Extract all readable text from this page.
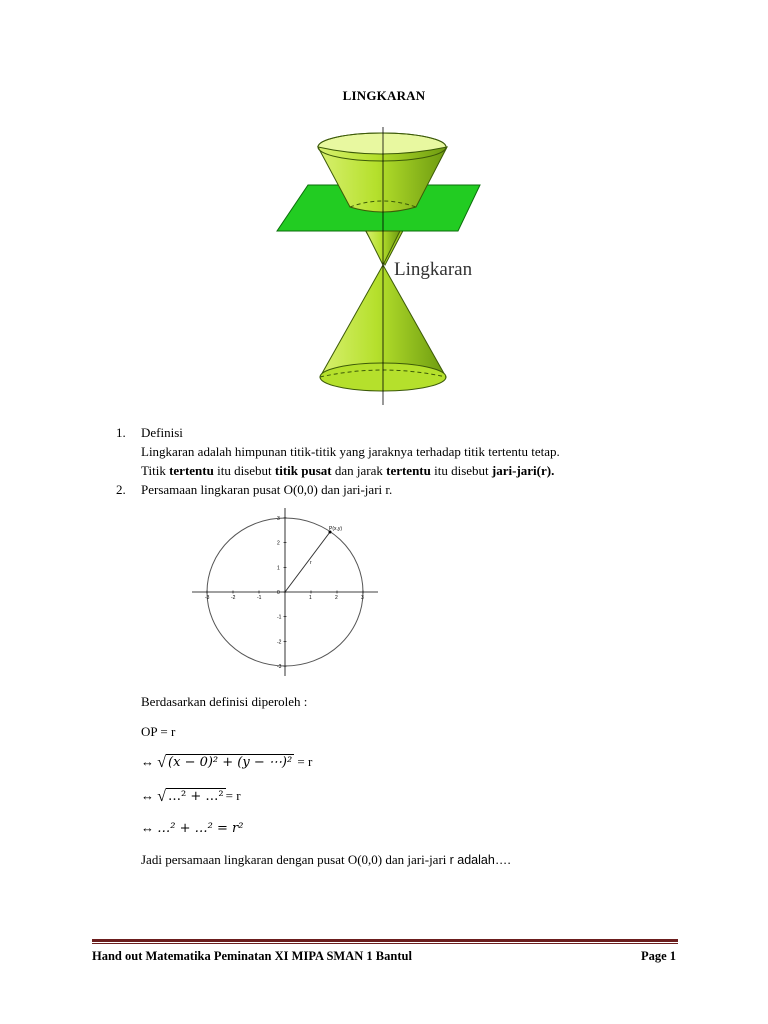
LINGKARAN
Lingkaran
1. Definisi
Lingkaran adalah himpunan titik-titik yang jaraknya terhadap titik tertentu tetap.
Titik tertentu itu disebut titik pusat dan jarak tertentu itu disebut jari-jari(r).
2. Persamaan lingkaran pusat O(0,0) dan jari-jari r.
P(x,y)
r
-3	-2	-1	1	2	3
3
2
1
0
-1
-2
-3
Berdasarkan definisi diperoleh :
OP = r
↔ √ (x − 0)² + (y − ⋯)² = r
↔ √ …² + …² = r
↔ …² + …² = r²
Jadi persamaan lingkaran dengan pusat O(0,0) dan jari-jari r adalah….
Hand out Matematika Peminatan XI MIPA SMAN 1 Bantul	Page 1
